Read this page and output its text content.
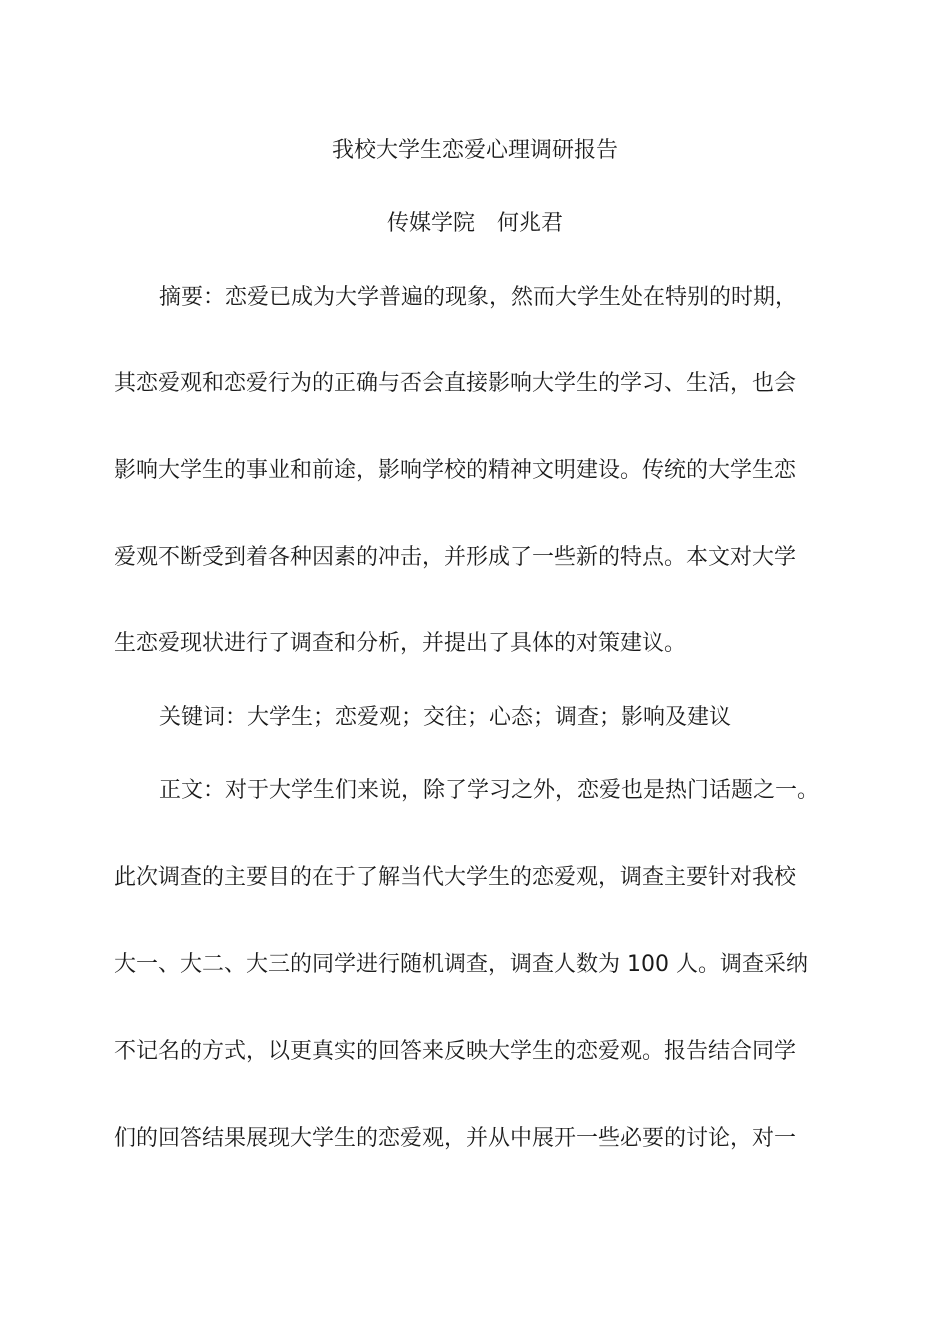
我校大学生恋爱心理调研报告
传媒学院　何兆君
摘要：恋爱已成为大学普遍的现象，然而大学生处在特别的时期，
其恋爱观和恋爱行为的正确与否会直接影响大学生的学习、生活，也会
影响大学生的事业和前途，影响学校的精神文明建设。传统的大学生恋
爱观不断受到着各种因素的冲击，并形成了一些新的特点。本文对大学
生恋爱现状进行了调查和分析，并提出了具体的对策建议。
关键词：大学生；恋爱观；交往；心态；调查；影响及建议
正文：对于大学生们来说，除了学习之外，恋爱也是热门话题之一。
此次调查的主要目的在于了解当代大学生的恋爱观，调查主要针对我校
大一、大二、大三的同学进行随机调查，调查人数为 100 人。调查采纳
不记名的方式，以更真实的回答来反映大学生的恋爱观。报告结合同学
们的回答结果展现大学生的恋爱观，并从中展开一些必要的讨论，对一
